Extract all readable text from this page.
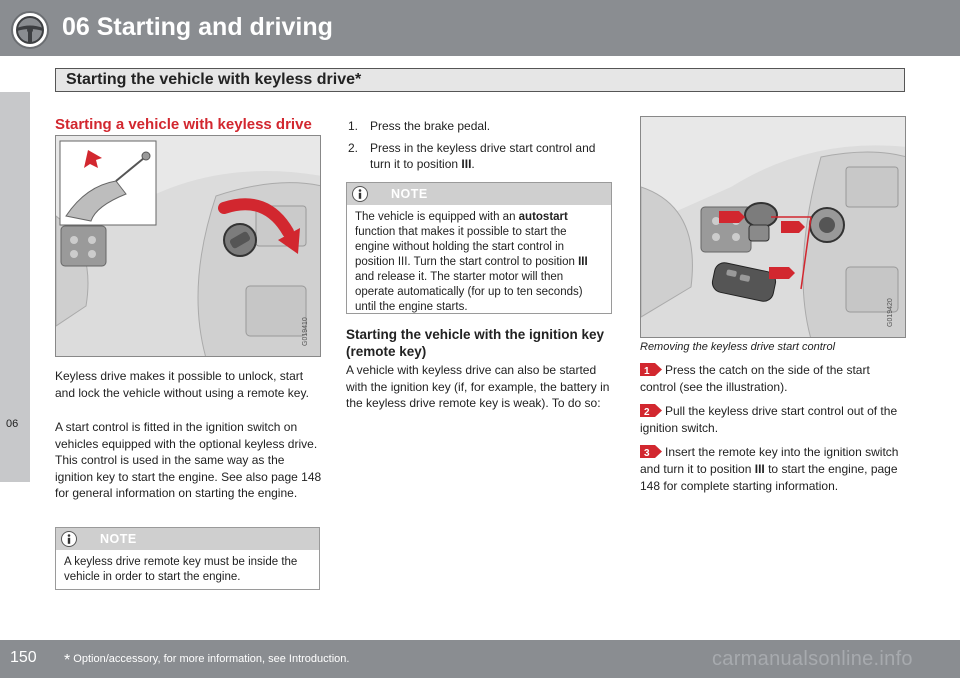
06 Starting and driving
Starting the vehicle with keyless drive*
06
Starting a vehicle with keyless drive
G019410
Keyless drive makes it possible to unlock, start and lock the vehicle without using a remote key.
A start control is fitted in the ignition switch on vehicles equipped with the optional keyless drive. This control is used in the same way as the ignition key to start the engine. See also page 148 for general information on starting the engine.
NOTE
A keyless drive remote key must be inside the vehicle in order to start the engine.
1. Press the brake pedal.
2. Press in the keyless drive start control and turn it to position III.
NOTE
The vehicle is equipped with an autostart function that makes it possible to start the engine without holding the start control in position III. Turn the start control to position III and release it. The starter motor will then operate automatically (for up to ten seconds) until the engine starts.
Starting the vehicle with the ignition key (remote key)
A vehicle with keyless drive can also be started with the ignition key (if, for example, the battery in the keyless drive remote key is weak). To do so:
G019420
Removing the keyless drive start control
1 Press the catch on the side of the start control (see the illustration).
2 Pull the keyless drive start control out of the ignition switch.
3 Insert the remote key into the ignition switch and turn it to position III to start the engine, page 148 for complete starting information.
150 * Option/accessory, for more information, see Introduction.	carmanualsonline.info
